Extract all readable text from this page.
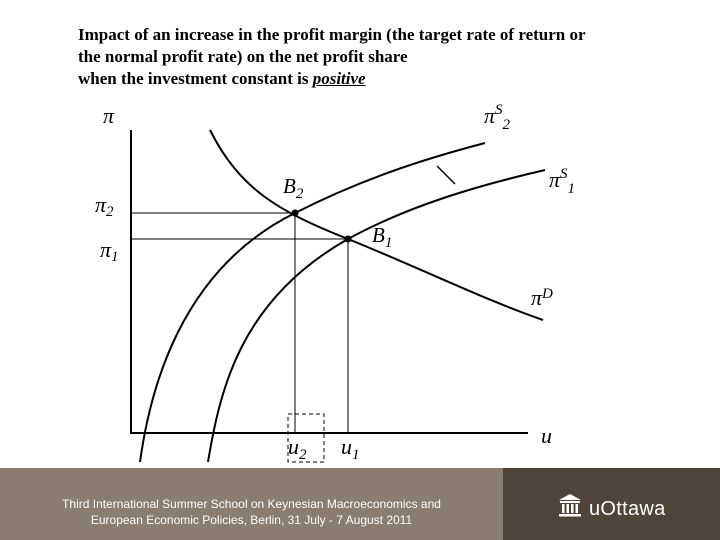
Impact of an increase in the profit margin (the target rate of return or
the normal profit rate) on the net profit share
when the investment constant is positive
π
u
$\pi^S_2$
$\pi^S_1$
$\pi^D$
$B_2$
$B_1$
π2
π1
$u_2$ $u_1$
Third International Summer School on Keynesian Macroeconomics and
European Economic Policies, Berlin, 31 July - 7 August 2011	uOttawa
